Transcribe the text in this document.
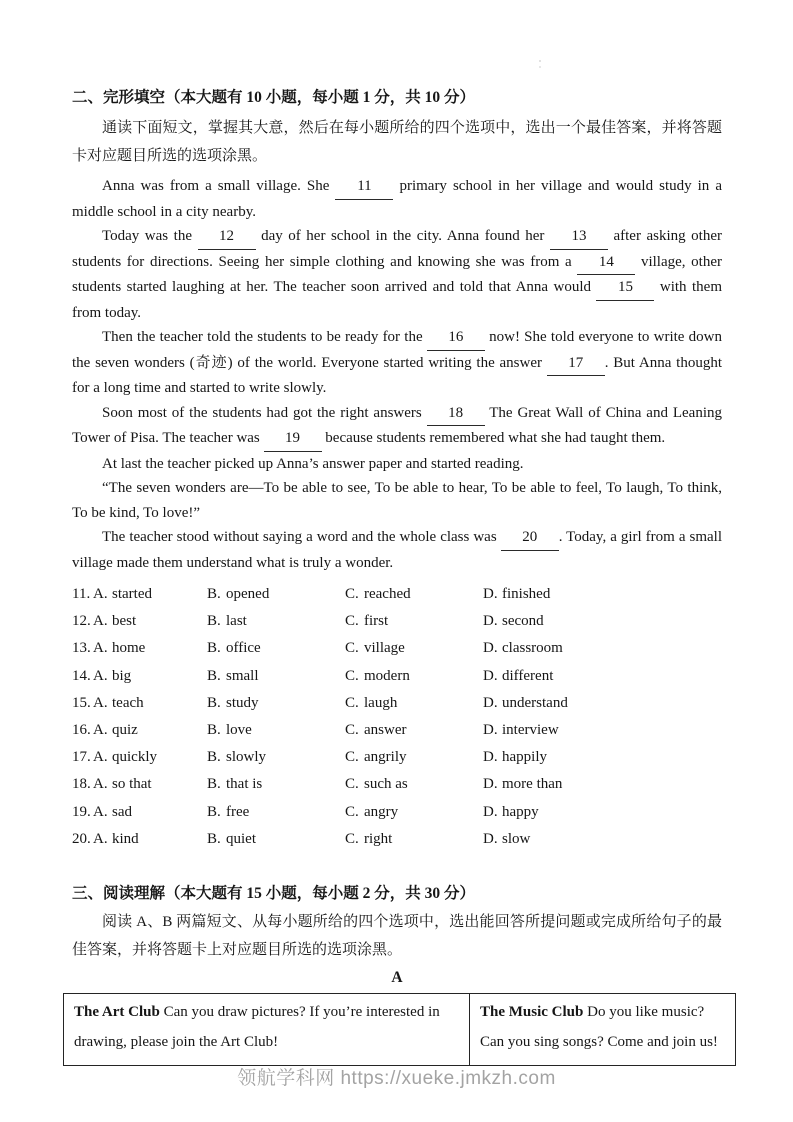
二、完形填空（本大题有 10 小题，每小题 1 分，共 10 分）

通读下面短文，掌握其大意，然后在每小题所给的四个选项中，选出一个最佳答案，并将答题卡对应题目所选的选项涂黑。

Anna was from a small village. She 11 primary school in her village and would study in a middle school in a city nearby.

Today was the 12 day of her school in the city. Anna found her 13 after asking other students for directions. Seeing her simple clothing and knowing she was from a 14 village, other students started laughing at her. The teacher soon arrived and told that Anna would 15 with them from today.

Then the teacher told the students to be ready for the 16 now! She told everyone to write down the seven wonders (奇迹) of the world. Everyone started writing the answer 17 . But Anna thought for a long time and started to write slowly.

Soon most of the students had got the right answers 18 The Great Wall of China and Leaning Tower of Pisa. The teacher was 19 because students remembered what she had taught them.

At last the teacher picked up Anna’s answer paper and started reading.

“The seven wonders are—To be able to see, To be able to hear, To be able to feel, To laugh, To think, To be kind, To love!”

The teacher stood without saying a word and the whole class was 20 . Today, a girl from a small village made them understand what is truly a wonder.

11. A. started	B. opened	C. reached	D. finished
12. A. best	B. last	C. first	D. second
13. A. home	B. office	C. village	D. classroom
14. A. big	B. small	C. modern	D. different
15. A. teach	B. study	C. laugh	D. understand
16. A. quiz	B. love	C. answer	D. interview
17. A. quickly	B. slowly	C. angrily	D. happily
18. A. so that	B. that is	C. such as	D. more than
19. A. sad	B. free	C. angry	D. happy
20. A. kind	B. quiet	C. right	D. slow
三、阅读理解（本大题有 15 小题，每小题 2 分，共 30 分）

阅读 A、B 两篇短文、从每小题所给的四个选项中，选出能回答所提问题或完成所给句子的最佳答案，并将答题卡上对应题目所选的选项涂黑。

A

The Art Club Can you draw pictures? If you’re interested in drawing, please join the Art Club!	The Music Club Do you like music? Can you sing songs? Come and join us!
领航学科网 https://xueke.jmkzh.com
